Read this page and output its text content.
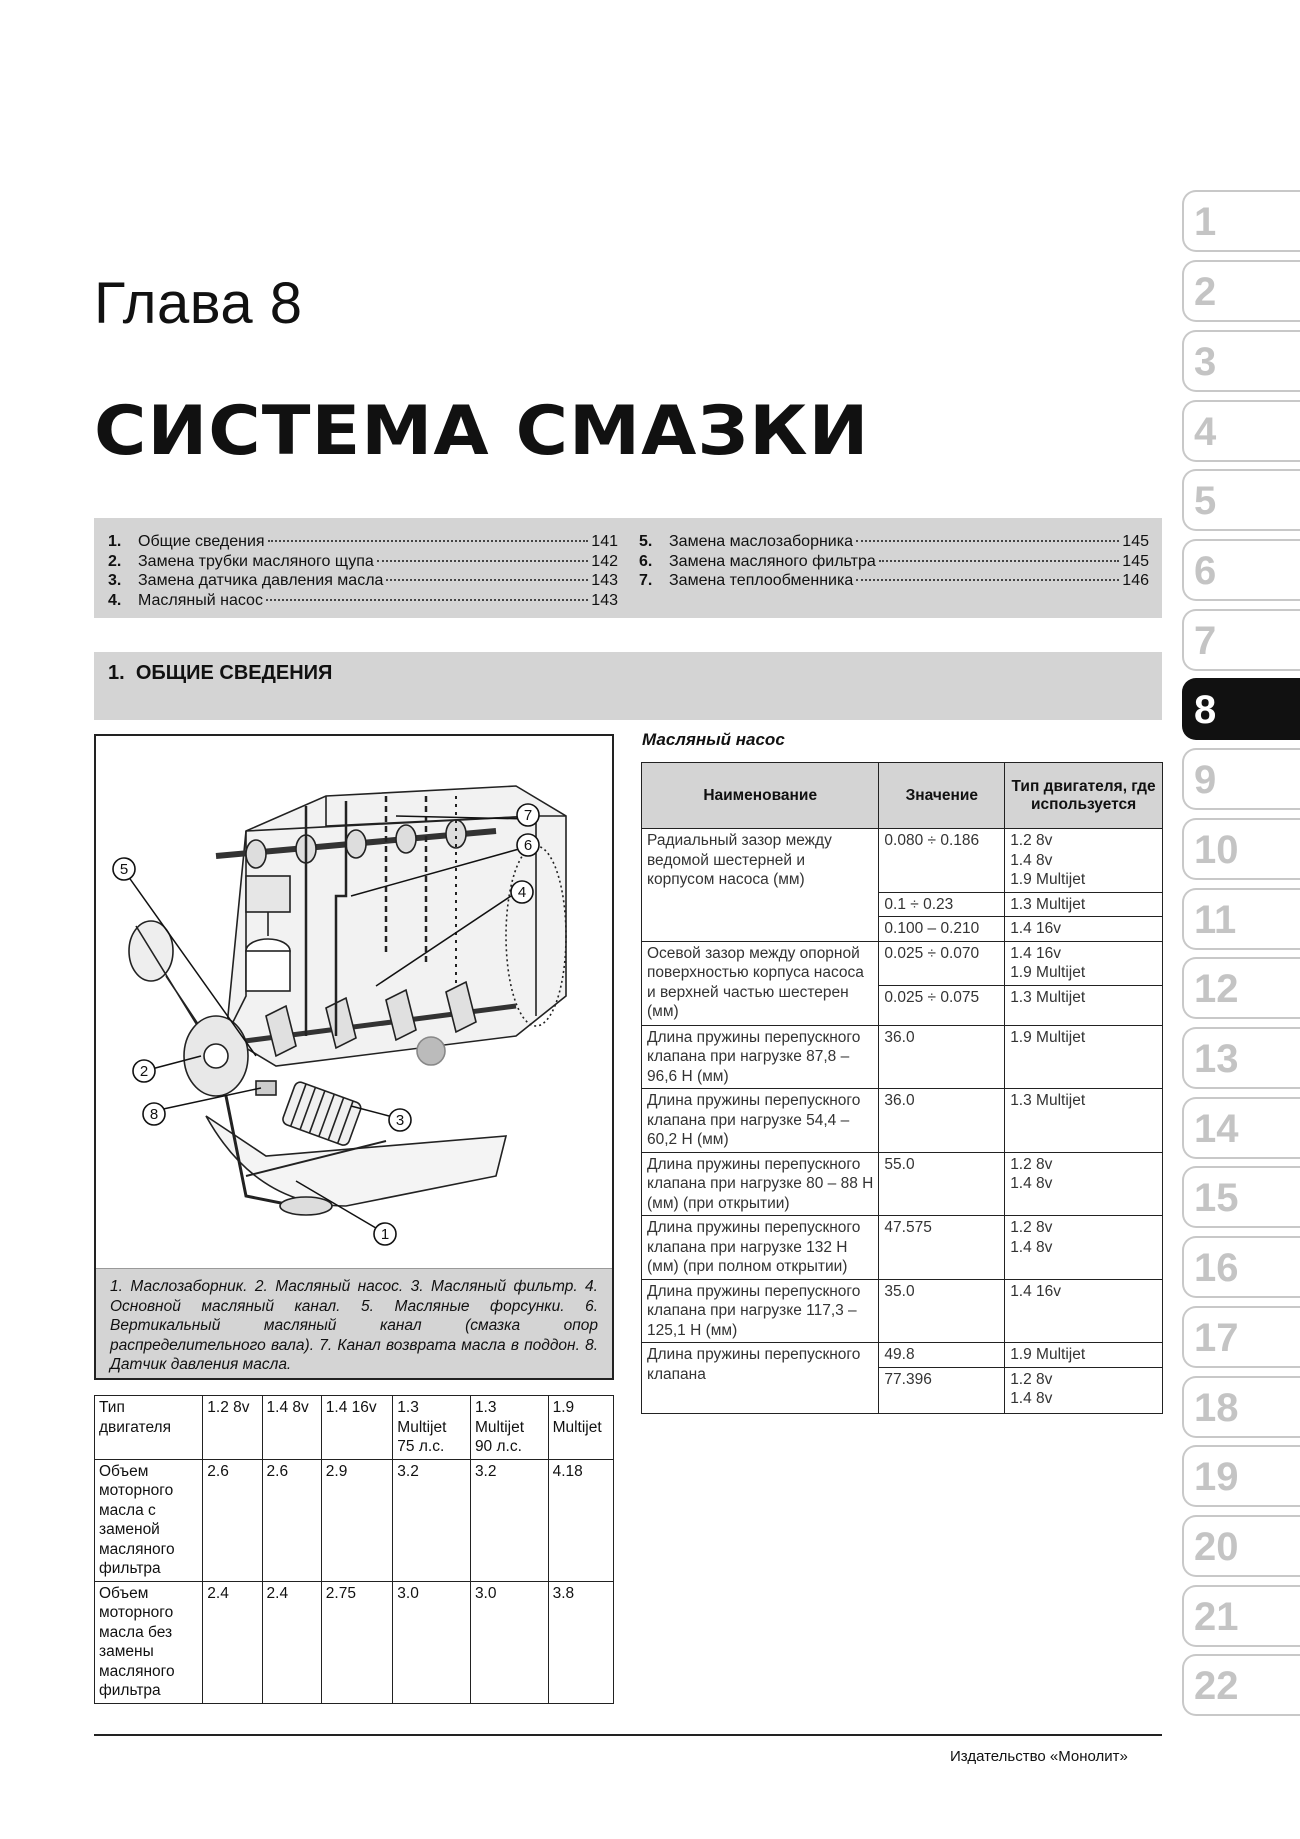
Глава 8
СИСТЕМА СМАЗКИ
1.	Общие сведения	141
2.	Замена трубки масляного щупа	142
3.	Замена датчика давления масла	143
4.	Масляный насос	143
5.	Замена маслозаборника	145
6.	Замена масляного фильтра	145
7.	Замена теплообменника	146
1. ОБЩИЕ СВЕДЕНИЯ
1
2
3
4
5
6
7
8
1. Маслозаборник. 2. Масляный насос. 3. Масляный фильтр. 4. Основной масляный канал. 5. Масляные форсунки. 6. Вертикальный масляный канал (смазка опор распределительного вала). 7. Канал возврата масла в поддон. 8. Датчик давления масла.
Тип двигателя	1.2 8v	1.4 8v	1.4 16v	1.3 Multijet 75 л.с.	1.3 Multijet 90 л.с.	1.9 Multijet
Объем моторного масла с заменой масляного фильтра	2.6	2.6	2.9	3.2	3.2	4.18
Объем моторного масла без замены масляного фильтра	2.4	2.4	2.75	3.0	3.0	3.8
Масляный насос
Наименование	Значение	Тип двигателя, где используется
Радиальный зазор между ведомой шестерней и корпусом насоса (мм)	0.080 ÷ 0.186	1.2 8v
1.4 8v
1.9 Multijet
	0.1 ÷ 0.23	1.3 Multijet
	0.100 – 0.210	1.4 16v
Осевой зазор между опорной поверхностью корпуса насоса и верхней частью шестерен (мм)	0.025 ÷ 0.070	1.4 16v
1.9 Multijet
	0.025 ÷ 0.075	1.3 Multijet
Длина пружины перепускного клапана при нагрузке 87,8 – 96,6 Н (мм)	36.0	1.9 Multijet
Длина пружины перепускного клапана при нагрузке 54,4 – 60,2 Н (мм)	36.0	1.3 Multijet
Длина пружины перепускного клапана при нагрузке 80 – 88 Н (мм) (при открытии)	55.0	1.2 8v
1.4 8v
Длина пружины перепускного клапана при нагрузке 132 Н (мм) (при полном открытии)	47.575	1.2 8v
1.4 8v
Длина пружины перепускного клапана при нагрузке 117,3 – 125,1 Н (мм)	35.0	1.4 16v
Длина пружины перепускного клапана	49.8	1.9 Multijet
	77.396	1.2 8v
1.4 8v
1
2
3
4
5
6
7
8
9
10
11
12
13
14
15
16
17
18
19
20
21
22
Издательство «Монолит»
